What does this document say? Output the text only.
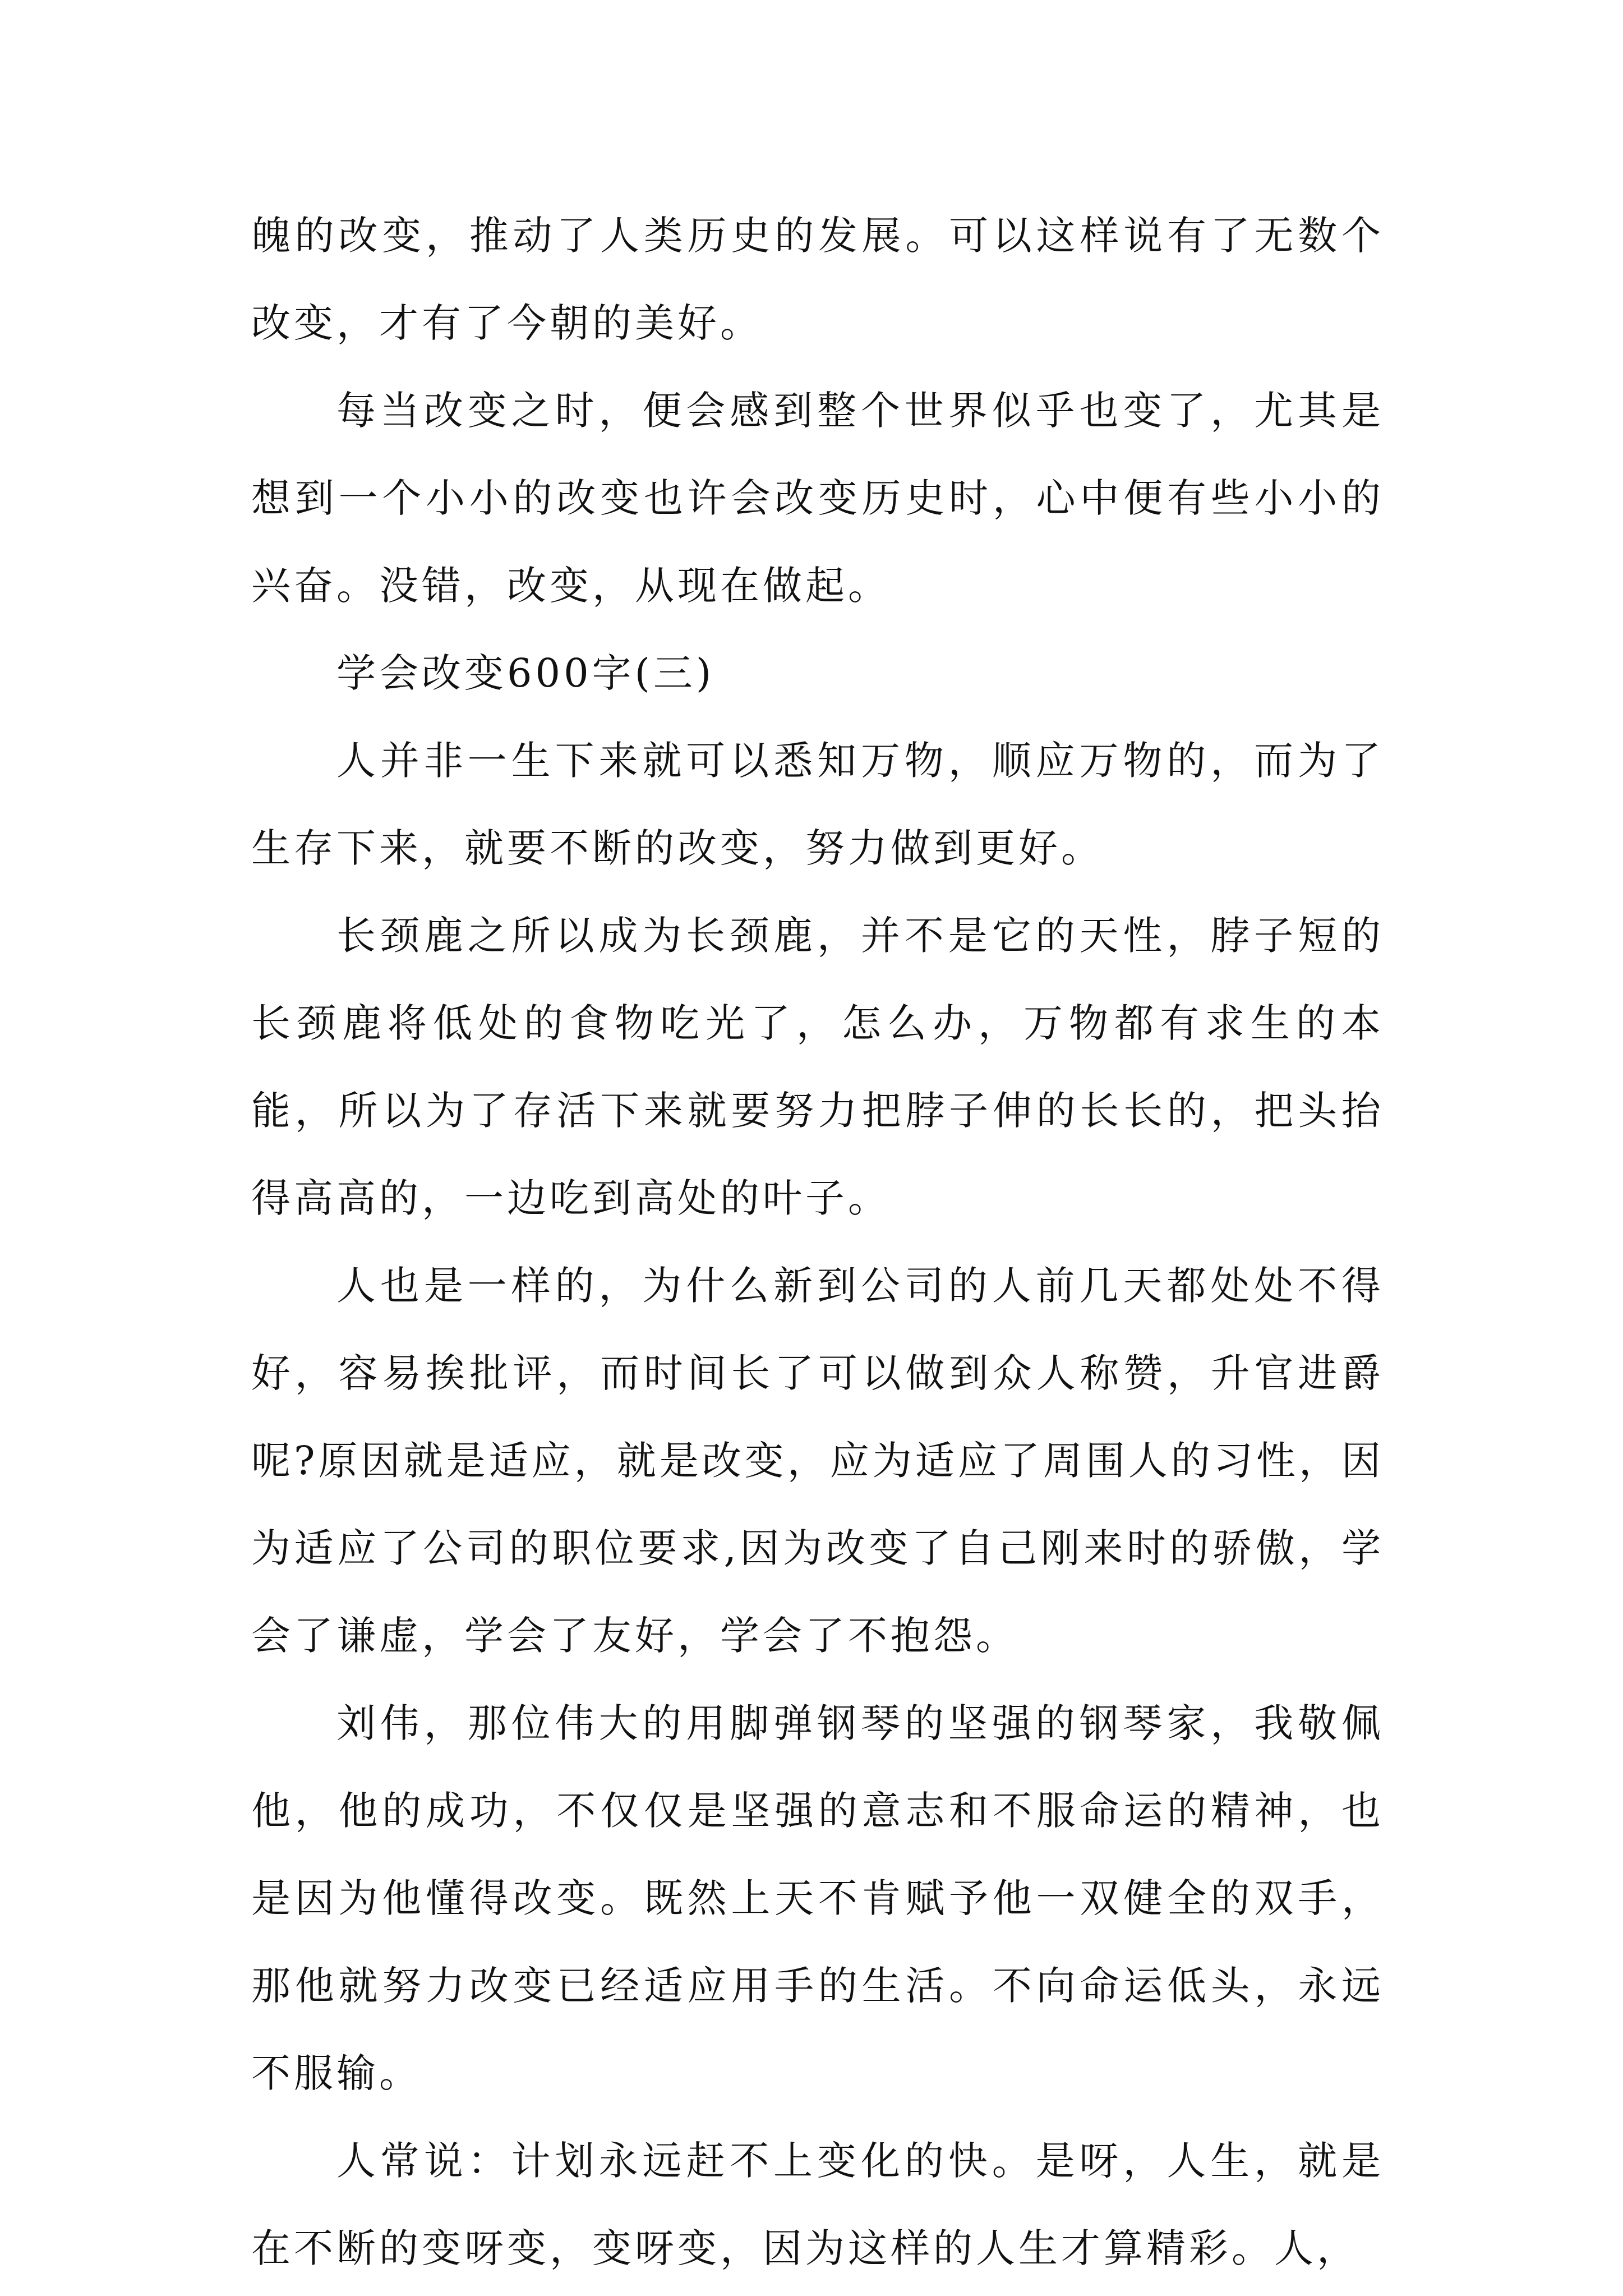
魄的改变，推动了人类历史的发展。可以这样说有了无数个改变，才有了今朝的美好。

每当改变之时，便会感到整个世界似乎也变了，尤其是想到一个小小的改变也许会改变历史时，心中便有些小小的兴奋。没错，改变，从现在做起。

学会改变600字(三)

人并非一生下来就可以悉知万物，顺应万物的，而为了生存下来，就要不断的改变，努力做到更好。

长颈鹿之所以成为长颈鹿，并不是它的天性，脖子短的长颈鹿将低处的食物吃光了，怎么办，万物都有求生的本能，所以为了存活下来就要努力把脖子伸的长长的，把头抬得高高的，一边吃到高处的叶子。

人也是一样的，为什么新到公司的人前几天都处处不得好，容易挨批评，而时间长了可以做到众人称赞，升官进爵呢?原因就是适应，就是改变，应为适应了周围人的习性，因为适应了公司的职位要求,因为改变了自己刚来时的骄傲，学会了谦虚，学会了友好，学会了不抱怨。

刘伟，那位伟大的用脚弹钢琴的坚强的钢琴家，我敬佩他，他的成功，不仅仅是坚强的意志和不服命运的精神，也是因为他懂得改变。既然上天不肯赋予他一双健全的双手，那他就努力改变已经适应用手的生活。不向命运低头，永远不服输。

人常说：计划永远赶不上变化的快。是呀，人生，就是在不断的变呀变，变呀变，因为这样的人生才算精彩。人，
